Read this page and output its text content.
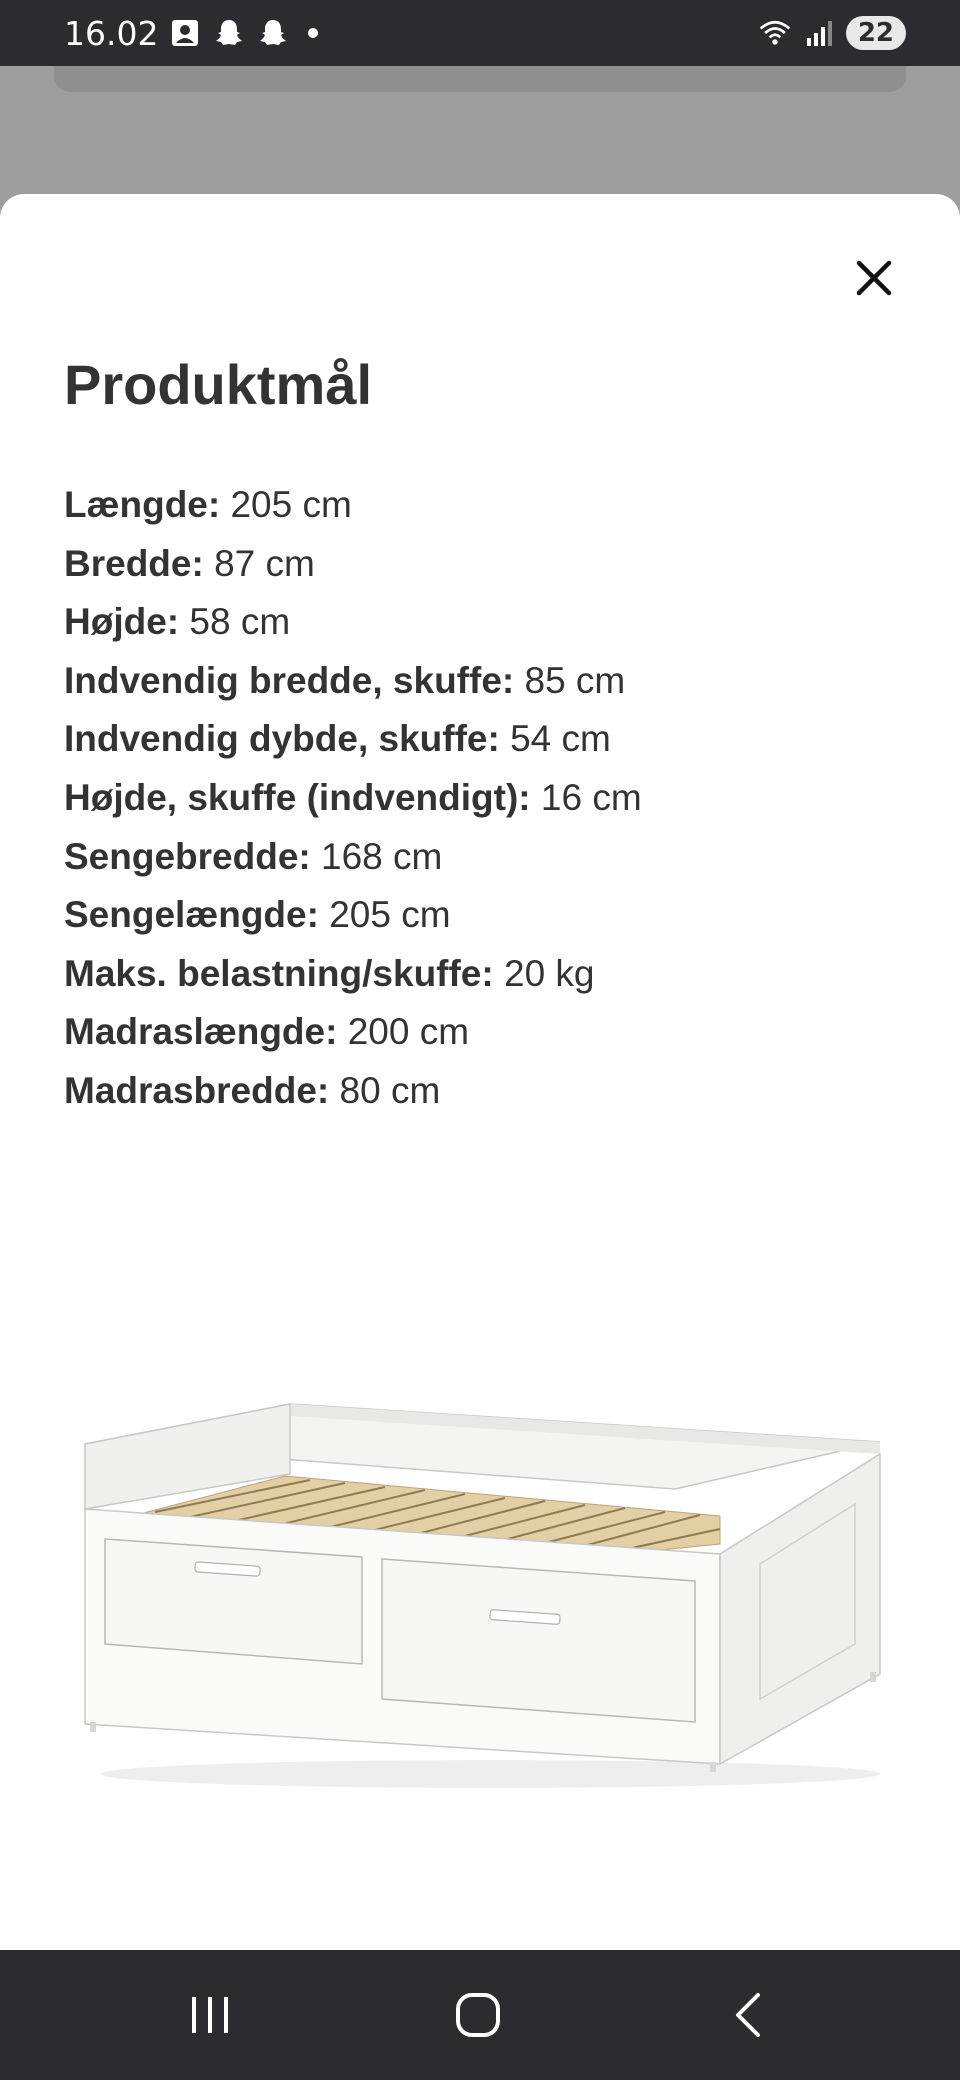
16.02	22
Produktmål
Længde: 205 cm
Bredde: 87 cm
Højde: 58 cm
Indvendig bredde, skuffe: 85 cm
Indvendig dybde, skuffe: 54 cm
Højde, skuffe (indvendigt): 16 cm
Sengebredde: 168 cm
Sengelængde: 205 cm
Maks. belastning/skuffe: 20 kg
Madraslængde: 200 cm
Madrasbredde: 80 cm
